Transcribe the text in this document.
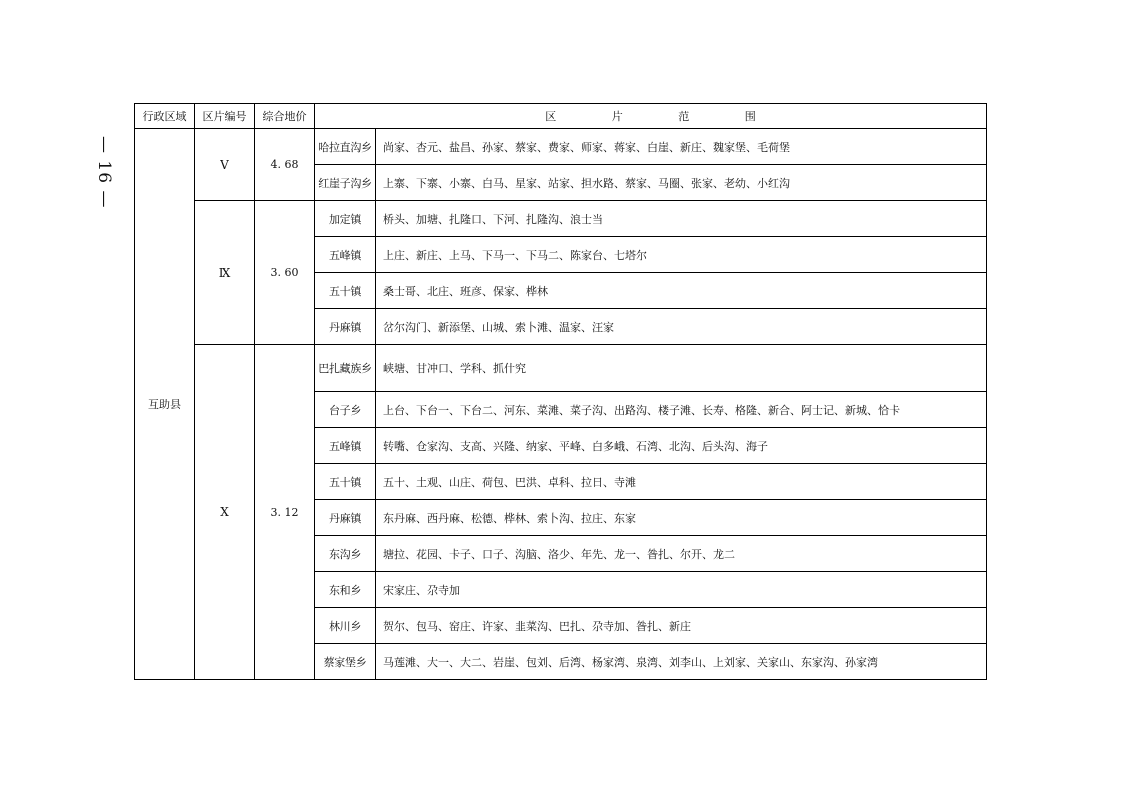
— 16 —
行政区域	区片编号	综合地价	区 片 范 围	
互助县	Ⅴ	4. 68	哈拉直沟乡	尚家、杏元、盐昌、孙家、蔡家、费家、师家、蒋家、白崖、新庄、魏家堡、毛荷堡
			红崖子沟乡	上寨、下寨、小寨、白马、星家、站家、担水路、蔡家、马圈、张家、老幼、小红沟
	Ⅸ	3. 60	加定镇	桥头、加塘、扎隆口、下河、扎隆沟、浪士当
			五峰镇	上庄、新庄、上马、下马一、下马二、陈家台、七塔尔
			五十镇	桑士哥、北庄、班彦、保家、桦林
			丹麻镇	岔尔沟门、新添堡、山城、索卜滩、温家、汪家
	Ⅹ	3. 12	巴扎藏族乡	峡塘、甘冲口、学科、抓什究
			台子乡	上台、下台一、下台二、河东、菜滩、菜子沟、出路沟、楼子滩、长寿、格隆、新合、阿士记、新城、恰卡
			五峰镇	转嘴、仓家沟、支高、兴隆、纳家、平峰、白多峨、石湾、北沟、后头沟、海子
			五十镇	五十、土观、山庄、荷包、巴洪、卓科、拉日、寺滩
			丹麻镇	东丹麻、西丹麻、松德、桦林、索卜沟、拉庄、东家
			东沟乡	塘拉、花园、卡子、口子、沟脑、洛少、年先、龙一、昝扎、尔开、龙二
			东和乡	宋家庄、尕寺加
			林川乡	贺尔、包马、窑庄、许家、韭菜沟、巴扎、尕寺加、昝扎、新庄
			蔡家堡乡	马莲滩、大一、大二、岩崖、包刘、后湾、杨家湾、泉湾、刘李山、上刘家、关家山、东家沟、孙家湾
